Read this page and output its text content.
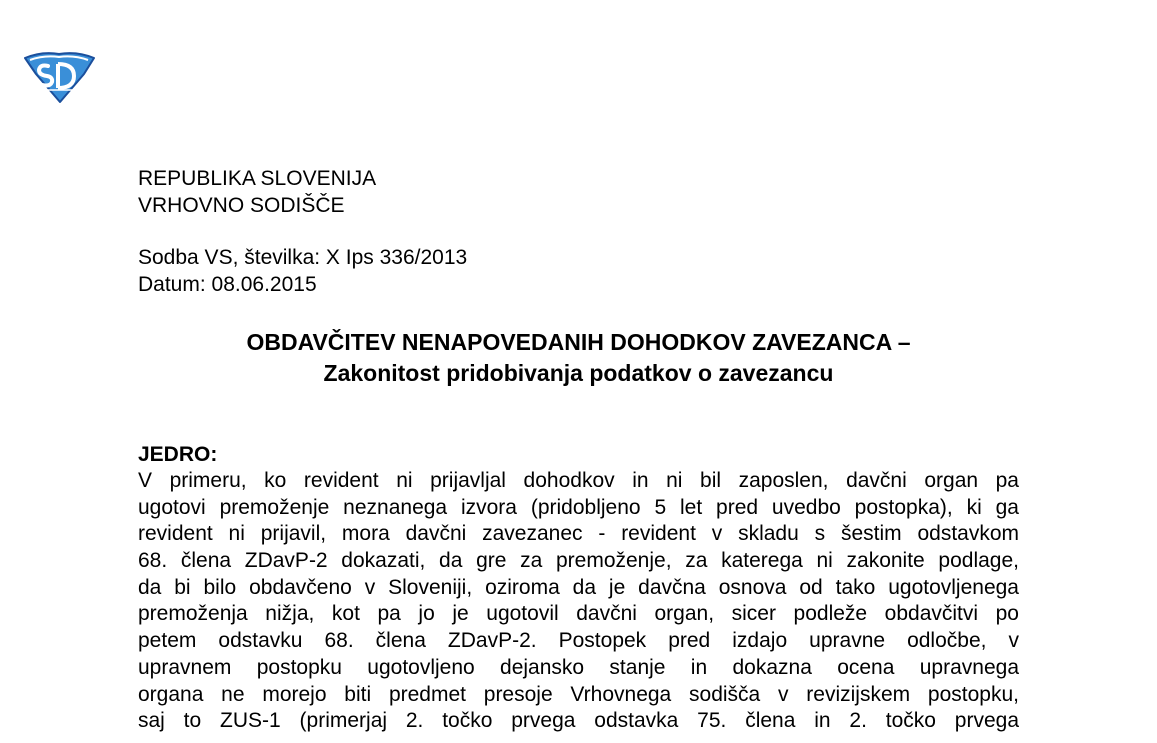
REPUBLIKA SLOVENIJA
VRHOVNO SODIŠČE
Sodba VS, številka: X Ips 336/2013
Datum: 08.06.2015
OBDAVČITEV NENAPOVEDANIH DOHODKOV ZAVEZANCA –
Zakonitost pridobivanja podatkov o zavezancu
JEDRO:
V primeru, ko revident ni prijavljal dohodkov in ni bil zaposlen, davčni organ pa
ugotovi premoženje neznanega izvora (pridobljeno 5 let pred uvedbo postopka), ki ga
revident ni prijavil, mora davčni zavezanec - revident v skladu s šestim odstavkom
68. člena ZDavP-2 dokazati, da gre za premoženje, za katerega ni zakonite podlage,
da bi bilo obdavčeno v Sloveniji, oziroma da je davčna osnova od tako ugotovljenega
premoženja nižja, kot pa jo je ugotovil davčni organ, sicer podleže obdavčitvi po
petem odstavku 68. člena ZDavP-2. Postopek pred izdajo upravne odločbe, v
upravnem postopku ugotovljeno dejansko stanje in dokazna ocena upravnega
organa ne morejo biti predmet presoje Vrhovnega sodišča v revizijskem postopku,
saj to ZUS-1 (primerjaj 2. točko prvega odstavka 75. člena in 2. točko prvega
